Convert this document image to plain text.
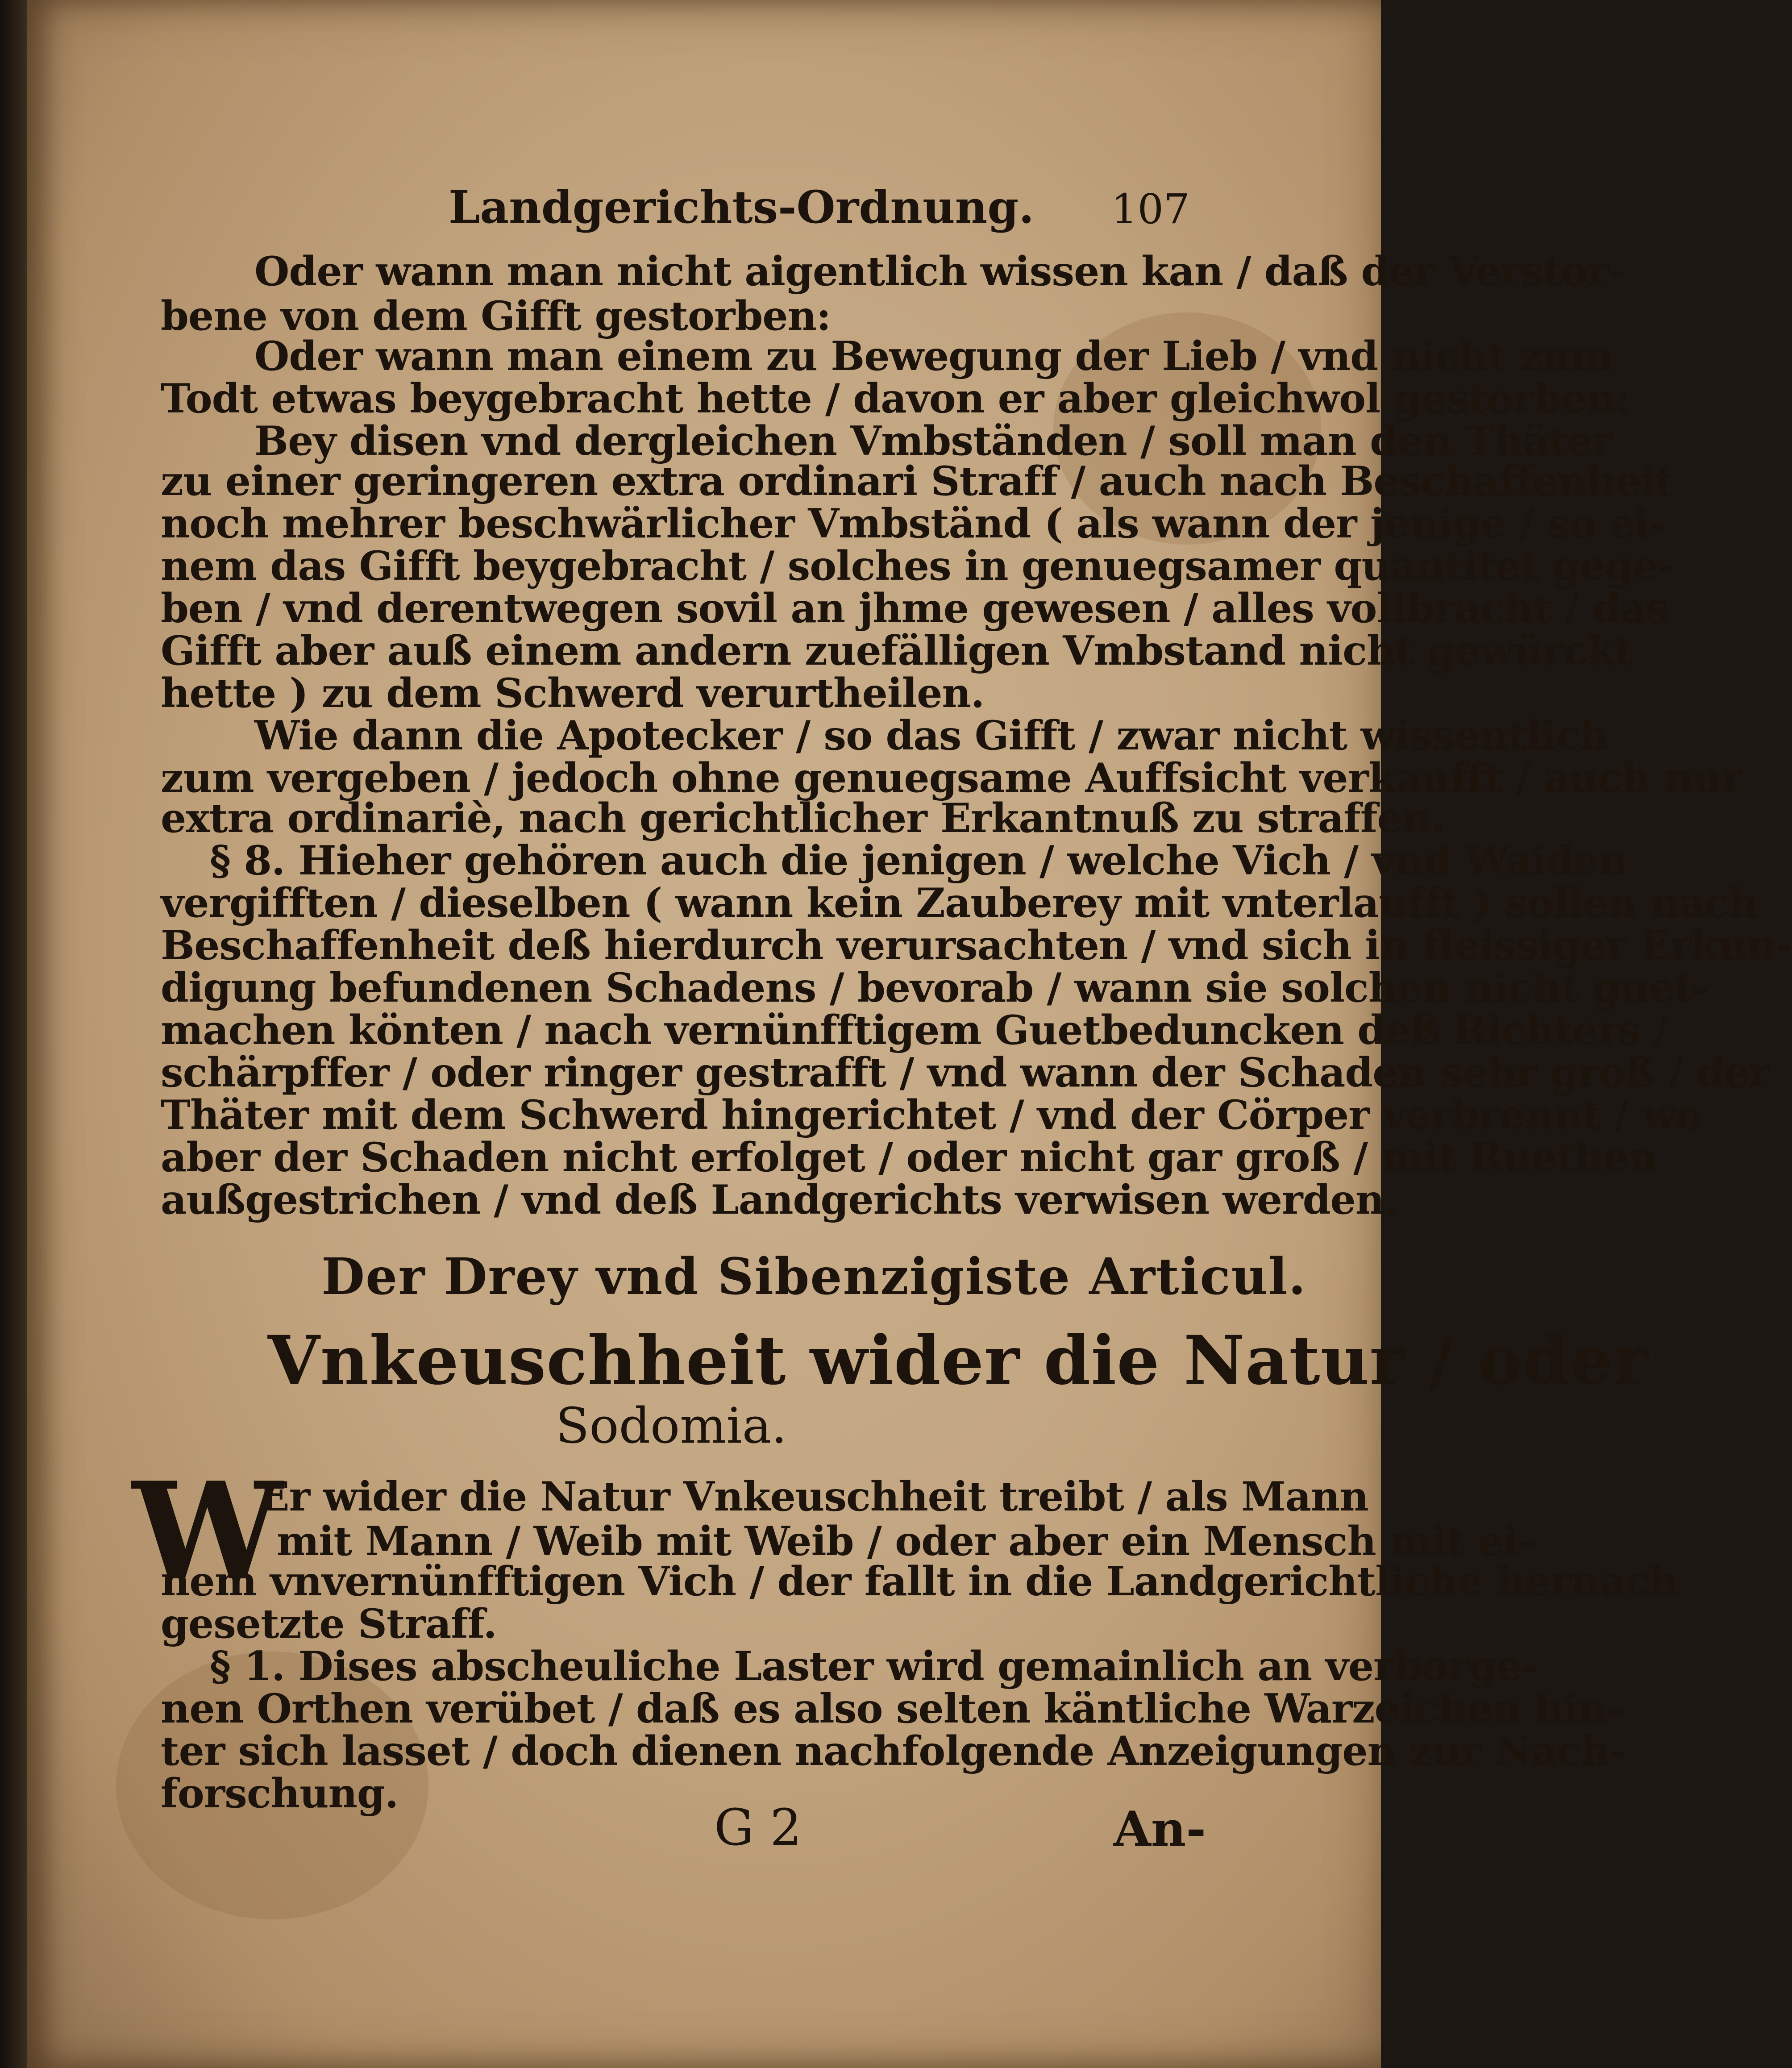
Landgerichts-Ordnung. 107
Oder wann man nicht aigentlich wissen kan / daß der Verstor-
bene von dem Gifft gestorben:
Oder wann man einem zu Bewegung der Lieb / vnd nicht zum
Todt etwas beygebracht hette / davon er aber gleichwol gestorben:
Bey disen vnd dergleichen Vmbständen / soll man den Thäter
zu einer geringeren extra ordinari Straff / auch nach Beschaffenheit
noch mehrer beschwärlicher Vmbständ ( als wann der jenige / so ei-
nem das Gifft beygebracht / solches in genuegsamer quantitet gege-
ben / vnd derentwegen sovil an jhme gewesen / alles vollbracht / das
Gifft aber auß einem andern zuefälligen Vmbstand nicht gewürckt
hette ) zu dem Schwerd verurtheilen.
Wie dann die Apotecker / so das Gifft / zwar nicht wissentlich
zum vergeben / jedoch ohne genuegsame Auffsicht verkaufft / auch nur
extra ordinariè, nach gerichtlicher Erkantnuß zu straffen.
§ 8. Hieher gehören auch die jenigen / welche Vich / vnd Waiden
vergifften / dieselben ( wann kein Zauberey mit vnterlaufft ) sollen nach
Beschaffenheit deß hierdurch verursachten / vnd sich in fleissiger Erkun-
digung befundenen Schadens / bevorab / wann sie solchen nicht guet-
machen könten / nach vernünfftigem Guetbeduncken deß Richters /
schärpffer / oder ringer gestrafft / vnd wann der Schaden sehr groß / der
Thäter mit dem Schwerd hingerichtet / vnd der Cörper verbrennt / wo
aber der Schaden nicht erfolget / oder nicht gar groß / mit Ruethen
außgestrichen / vnd deß Landgerichts verwisen werden.
Der Drey vnd Sibenzigiste Articul.
Vnkeuschheit wider die Natur / oder
Sodomia.
W
Er wider die Natur Vnkeuschheit treibt / als Mann
mit Mann / Weib mit Weib / oder aber ein Mensch mit ei-
nem vnvernünfftigen Vich / der fallt in die Landgerichtliche hernach
gesetzte Straff.
§ 1. Dises abscheuliche Laster wird gemainlich an verborge-
nen Orthen verübet / daß es also selten käntliche Warzeichen hin-
ter sich lasset / doch dienen nachfolgende Anzeigungen zur Nach-
forschung.
G 2	An-
